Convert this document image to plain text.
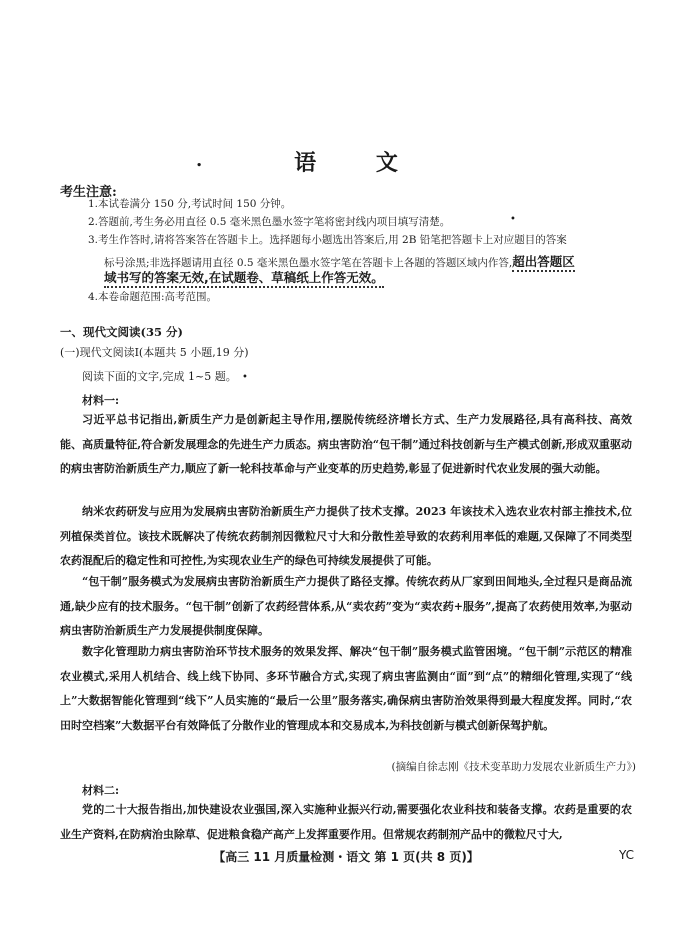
.	语 文
考生注意:
1.本试卷满分 150 分,考试时间 150 分钟。
2.答题前,考生务必用直径 0.5 毫米黑色墨水签字笔将密封线内项目填写清楚。	•
3.考生作答时,请将答案答在答题卡上。选择题每小题选出答案后,用 2B 铅笔把答题卡上对应题目的答案
标号涂黑;非选择题请用直径 0.5 毫米黑色墨水签字笔在答题卡上各题的答题区域内作答,超出答题区
域书写的答案无效,在试题卷、草稿纸上作答无效。
4.本卷命题范围:高考范围。
一、现代文阅读(35 分)
(一)现代文阅读Ⅰ(本题共 5 小题,19 分)
阅读下面的文字,完成 1~5 题。 •
材料一:

习近平总书记指出,新质生产力是创新起主导作用,摆脱传统经济增长方式、生产力发展路径,具有高科技、高效能、高质量特征,符合新发展理念的先进生产力质态。病虫害防治“包干制”通过科技创新与生产模式创新,形成双重驱动的病虫害防治新质生产力,顺应了新一轮科技革命与产业变革的历史趋势,彰显了促进新时代农业发展的强大动能。

纳米农药研发与应用为发展病虫害防治新质生产力提供了技术支撑。2023 年该技术入选农业农村部主推技术,位列植保类首位。该技术既解决了传统农药制剂因微粒尺寸大和分散性差导致的农药利用率低的难题,又保障了不同类型农药混配后的稳定性和可控性,为实现农业生产的绿色可持续发展提供了可能。

“包干制”服务模式为发展病虫害防治新质生产力提供了路径支撑。传统农药从厂家到田间地头,全过程只是商品流通,缺少应有的技术服务。“包干制”创新了农药经营体系,从“卖农药”变为“卖农药+服务”,提高了农药使用效率,为驱动病虫害防治新质生产力发展提供制度保障。

数字化管理助力病虫害防治环节技术服务的效果发挥、解决“包干制”服务模式监管困境。“包干制”示范区的精准农业模式,采用人机结合、线上线下协同、多环节融合方式,实现了病虫害监测由“面”到“点”的精细化管理,实现了“线上”大数据智能化管理到“线下”人员实施的“最后一公里”服务落实,确保病虫害防治效果得到最大程度发挥。同时,“农田时空档案”大数据平台有效降低了分散作业的管理成本和交易成本,为科技创新与模式创新保驾护航。

(摘编自徐志刚《技术变革助力发展农业新质生产力》)
材料二:

党的二十大报告指出,加快建设农业强国,深入实施种业振兴行动,需要强化农业科技和装备支撑。农药是重要的农业生产资料,在防病治虫除草、促进粮食稳产高产上发挥重要作用。但常规农药制剂产品中的微粒尺寸大,

【高三 11 月质量检测・语文 第 1 页(共 8 页)】	YC
